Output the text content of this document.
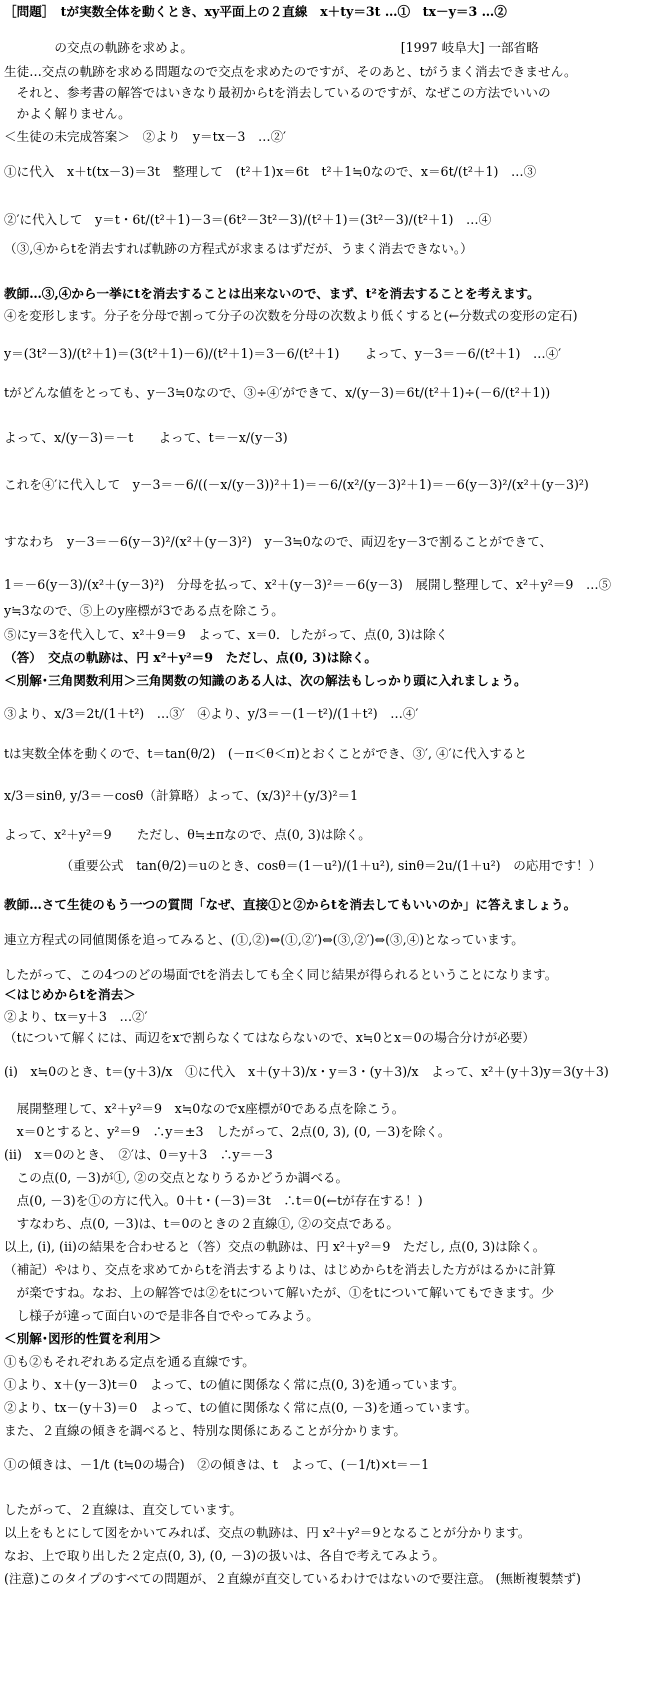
［問題］　tが実数全体を動くとき、xy平面上の２直線　x＋ty＝3t …①　tx－y＝3 …②
　　　　の交点の軌跡を求めよ。　　　　　　　　　　　　　　　　　[1997 岐阜大] 一部省略
生徒…交点の軌跡を求める問題なので交点を求めたのですが、そのあと、tがうまく消去できません。
　それと、参考書の解答ではいきなり最初からtを消去しているのですが、なぜこの方法でいいの
　かよく解りません。
＜生徒の未完成答案＞　②より　y＝tx－3　…②′
①に代入　x＋t(tx－3)＝3t　整理して　(t²＋1)x＝6t　t²＋1≒0なので、x＝6t/(t²＋1)　…③
②′に代入して　y＝t・6t/(t²＋1)－3＝(6t²－3t²－3)/(t²＋1)＝(3t²－3)/(t²＋1)　…④
（③,④からtを消去すれば軌跡の方程式が求まるはずだが、うまく消去できない。）
教師…③,④から一挙にtを消去することは出来ないので、まず、t²を消去することを考えます。
④を変形します。分子を分母で割って分子の次数を分母の次数より低くすると(←分数式の変形の定石)
y＝(3t²－3)/(t²＋1)＝(3(t²＋1)－6)/(t²＋1)＝3－6/(t²＋1)　　よって、y－3＝－6/(t²＋1)　…④′
tがどんな値をとっても、y－3≒0なので、③÷④′ができて、x/(y－3)＝6t/(t²＋1)÷(－6/(t²＋1))
よって、x/(y－3)＝－t　　よって、t＝－x/(y－3)
これを④′に代入して　y－3＝－6/((－x/(y－3))²＋1)＝－6/(x²/(y－3)²＋1)＝－6(y－3)²/(x²＋(y－3)²)
すなわち　y－3＝－6(y－3)²/(x²＋(y－3)²)　y－3≒0なので、両辺をy－3で割ることができて、
1＝－6(y－3)/(x²＋(y－3)²)　分母を払って、x²＋(y－3)²＝－6(y－3)　展開し整理して、x²＋y²＝9　…⑤
y≒3なので、⑤上のy座標が3である点を除こう。
⑤にy＝3を代入して、x²＋9＝9　よって、x＝0．したがって、点(0, 3)は除く
（答）　交点の軌跡は、円 x²＋y²＝9　ただし、点(0, 3)は除く。
＜別解･三角関数利用＞三角関数の知識のある人は、次の解法もしっかり頭に入れましょう。
③より、x/3＝2t/(1＋t²)　…③′　④より、y/3＝－(1－t²)/(1＋t²)　…④′
tは実数全体を動くので、t＝tan(θ/2)　(－π＜θ＜π)とおくことができ、③′, ④′に代入すると
x/3＝sinθ, y/3＝－cosθ（計算略）よって、(x/3)²＋(y/3)²＝1
よって、x²＋y²＝9　　ただし、θ≒±πなので、点(0, 3)は除く。
　　　　　（重要公式　tan(θ/2)＝uのとき、cosθ＝(1－u²)/(1＋u²), sinθ＝2u/(1＋u²)　の応用です！）
教師…さて生徒のもう一つの質問「なぜ、直接①と②からtを消去してもいいのか」に答えましょう。
連立方程式の同値関係を追ってみると、(①,②)⇔(①,②′)⇔(③,②′)⇔(③,④)となっています。
したがって、この4つのどの場面でtを消去しても全く同じ結果が得られるということになります。
＜はじめからtを消去＞
②より、tx＝y＋3　…②′
（tについて解くには、両辺をxで割らなくてはならないので、x≒0とx＝0の場合分けが必要）
(ⅰ)　x≒0のとき、t＝(y＋3)/x　①に代入　x＋(y＋3)/x・y＝3・(y＋3)/x　よって、x²＋(y＋3)y＝3(y＋3)
　展開整理して、x²＋y²＝9　x≒0なのでx座標が0である点を除こう。
　x＝0とすると、y²＝9　∴y＝±3　したがって、2点(0, 3), (0, －3)を除く。
(ⅱ)　x＝0のとき、　②′は、0＝y＋3　∴y＝－3
　この点(0, －3)が①, ②の交点となりうるかどうか調べる。
　点(0, －3)を①の方に代入。0＋t・(－3)＝3t　∴t＝0(←tが存在する！)
　すなわち、点(0, －3)は、t＝0のときの２直線①, ②の交点である。
以上, (ⅰ), (ⅱ)の結果を合わせると（答）交点の軌跡は、円 x²＋y²＝9　ただし, 点(0, 3)は除く。
（補記）やはり、交点を求めてからtを消去するよりは、はじめからtを消去した方がはるかに計算
　が楽ですね。なお、上の解答では②をtについて解いたが、①をtについて解いてもできます。少
　し様子が違って面白いので是非各自でやってみよう。
＜別解･図形的性質を利用＞
①も②もそれぞれある定点を通る直線です。
①より、x＋(y－3)t＝0　よって、tの値に関係なく常に点(0, 3)を通っています。
②より、tx－(y＋3)＝0　よって、tの値に関係なく常に点(0, －3)を通っています。
また、２直線の傾きを調べると、特別な関係にあることが分かります。
①の傾きは、－1/t (t≒0の場合)　②の傾きは、t　よって、(－1/t)×t＝－1
したがって、２直線は、直交しています。
以上をもとにして図をかいてみれば、交点の軌跡は、円 x²＋y²＝9となることが分かります。
なお、上で取り出した２定点(0, 3), (0, －3)の扱いは、各自で考えてみよう。
(注意)このタイプのすべての問題が、２直線が直交しているわけではないので要注意。 (無断複製禁ず)
